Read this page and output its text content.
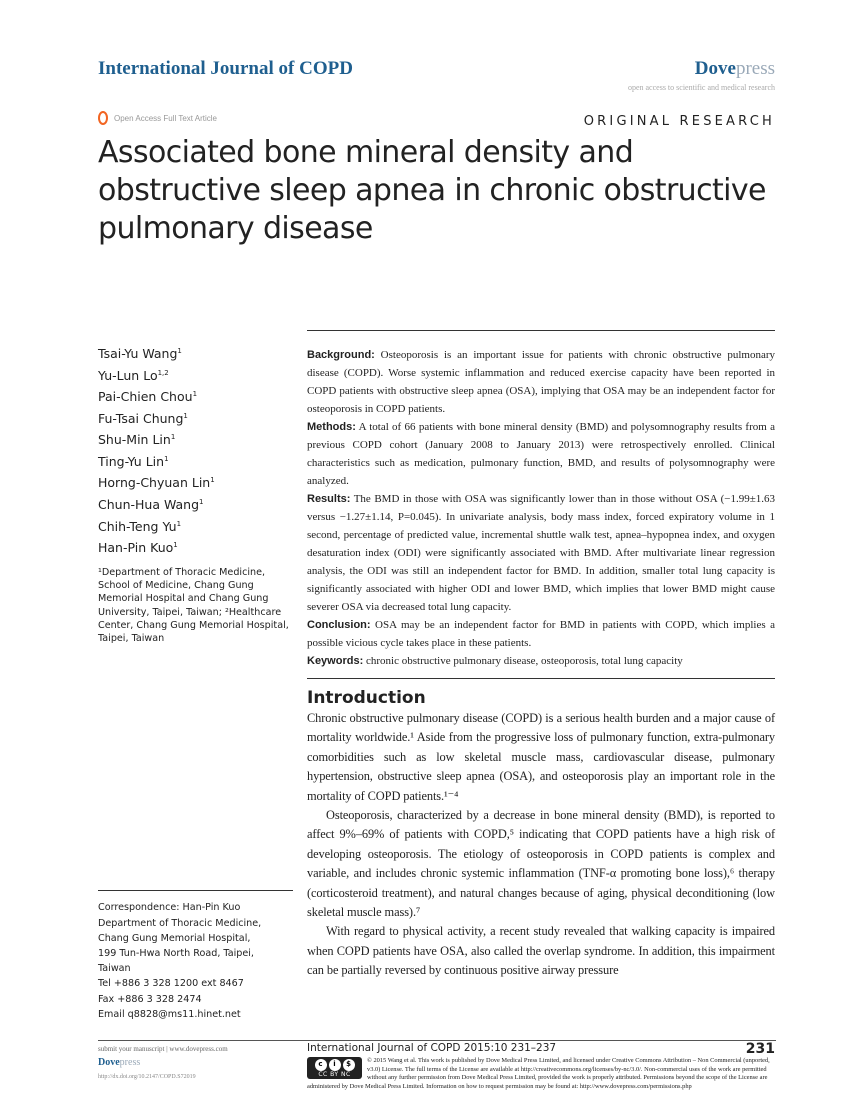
International Journal of COPD	Dovepress
open access to scientific and medical research
Open Access Full Text Article	ORIGINAL RESEARCH
Associated bone mineral density and obstructive sleep apnea in chronic obstructive pulmonary disease
Tsai-Yu Wang$^1$
Yu-Lun Lo$^{1,2}$
Pai-Chien Chou$^1$
Fu-Tsai Chung$^1$
Shu-Min Lin$^1$
Ting-Yu Lin$^1$
Horng-Chyuan Lin$^1$
Chun-Hua Wang$^1$
Chih-Teng Yu$^1$
Han-Pin Kuo$^1$
¹Department of Thoracic Medicine, School of Medicine, Chang Gung Memorial Hospital and Chang Gung University, Taipei, Taiwan; ²Healthcare Center, Chang Gung Memorial Hospital, Taipei, Taiwan
Correspondence: Han-Pin Kuo
Department of Thoracic Medicine,
Chang Gung Memorial Hospital,
199 Tun-Hwa North Road, Taipei,
Taiwan
Tel +886 3 328 1200 ext 8467
Fax +886 3 328 2474
Email q8828@ms11.hinet.net

Background: Osteoporosis is an important issue for patients with chronic obstructive pulmonary disease (COPD). Worse systemic inflammation and reduced exercise capacity have been reported in COPD patients with obstructive sleep apnea (OSA), implying that OSA may be an independent factor for osteoporosis in COPD patients.

Methods: A total of 66 patients with bone mineral density (BMD) and polysomnography results from a previous COPD cohort (January 2008 to January 2013) were retrospectively enrolled. Clinical characteristics such as medication, pulmonary function, BMD, and results of polysomnography were analyzed.

Results: The BMD in those with OSA was significantly lower than in those without OSA (−1.99±1.63 versus −1.27±1.14, P=0.045). In univariate analysis, body mass index, forced expiratory volume in 1 second, percentage of predicted value, incremental shuttle walk test, apnea–hypopnea index, and oxygen desaturation index (ODI) were significantly associated with BMD. After multivariate linear regression analysis, the ODI was still an independent factor for BMD. In addition, smaller total lung capacity is significantly associated with higher ODI and lower BMD, which implies that lower BMD might cause severer OSA via decreased total lung capacity.

Conclusion: OSA may be an independent factor for BMD in patients with COPD, which implies a possible vicious cycle takes place in these patients.

Keywords: chronic obstructive pulmonary disease, osteoporosis, total lung capacity

Introduction

Chronic obstructive pulmonary disease (COPD) is a serious health burden and a major cause of mortality worldwide.¹ Aside from the progressive loss of pulmonary function, extra-pulmonary comorbidities such as low skeletal muscle mass, cardiovascular disease, pulmonary hypertension, obstructive sleep apnea (OSA), and osteoporosis play an important role in the mortality of COPD patients.¹⁻⁴

Osteoporosis, characterized by a decrease in bone mineral density (BMD), is reported to affect 9%–69% of patients with COPD,⁵ indicating that COPD patients have a high risk of developing osteoporosis. The etiology of osteoporosis in COPD patients is complex and variable, and includes chronic systemic inflammation (TNF-α promoting bone loss),⁶ therapy (corticosteroid treatment), and natural changes because of aging, physical deconditioning (low skeletal muscle mass).⁷

With regard to physical activity, a recent study revealed that walking capacity is impaired when COPD patients have OSA, also called the overlap syndrome. In addition, this impairment can be partially reversed by continuous positive airway pressure

submit your manuscript | www.dovepress.com
Dovepress
http://dx.doi.org/10.2147/COPD.S72019
International Journal of COPD 2015:10 231–237	231
c	i	$
CC BY NC
© 2015 Wang et al. This work is published by Dove Medical Press Limited, and licensed under Creative Commons Attribution – Non Commercial (unported, v3.0) License. The full terms of the License are available at http://creativecommons.org/licenses/by-nc/3.0/. Non-commercial uses of the work are permitted without any further permission from Dove Medical Press Limited, provided the work is properly attributed. Permissions beyond the scope of the License are administered by Dove Medical Press Limited. Information on how to request permission may be found at: http://www.dovepress.com/permissions.php
